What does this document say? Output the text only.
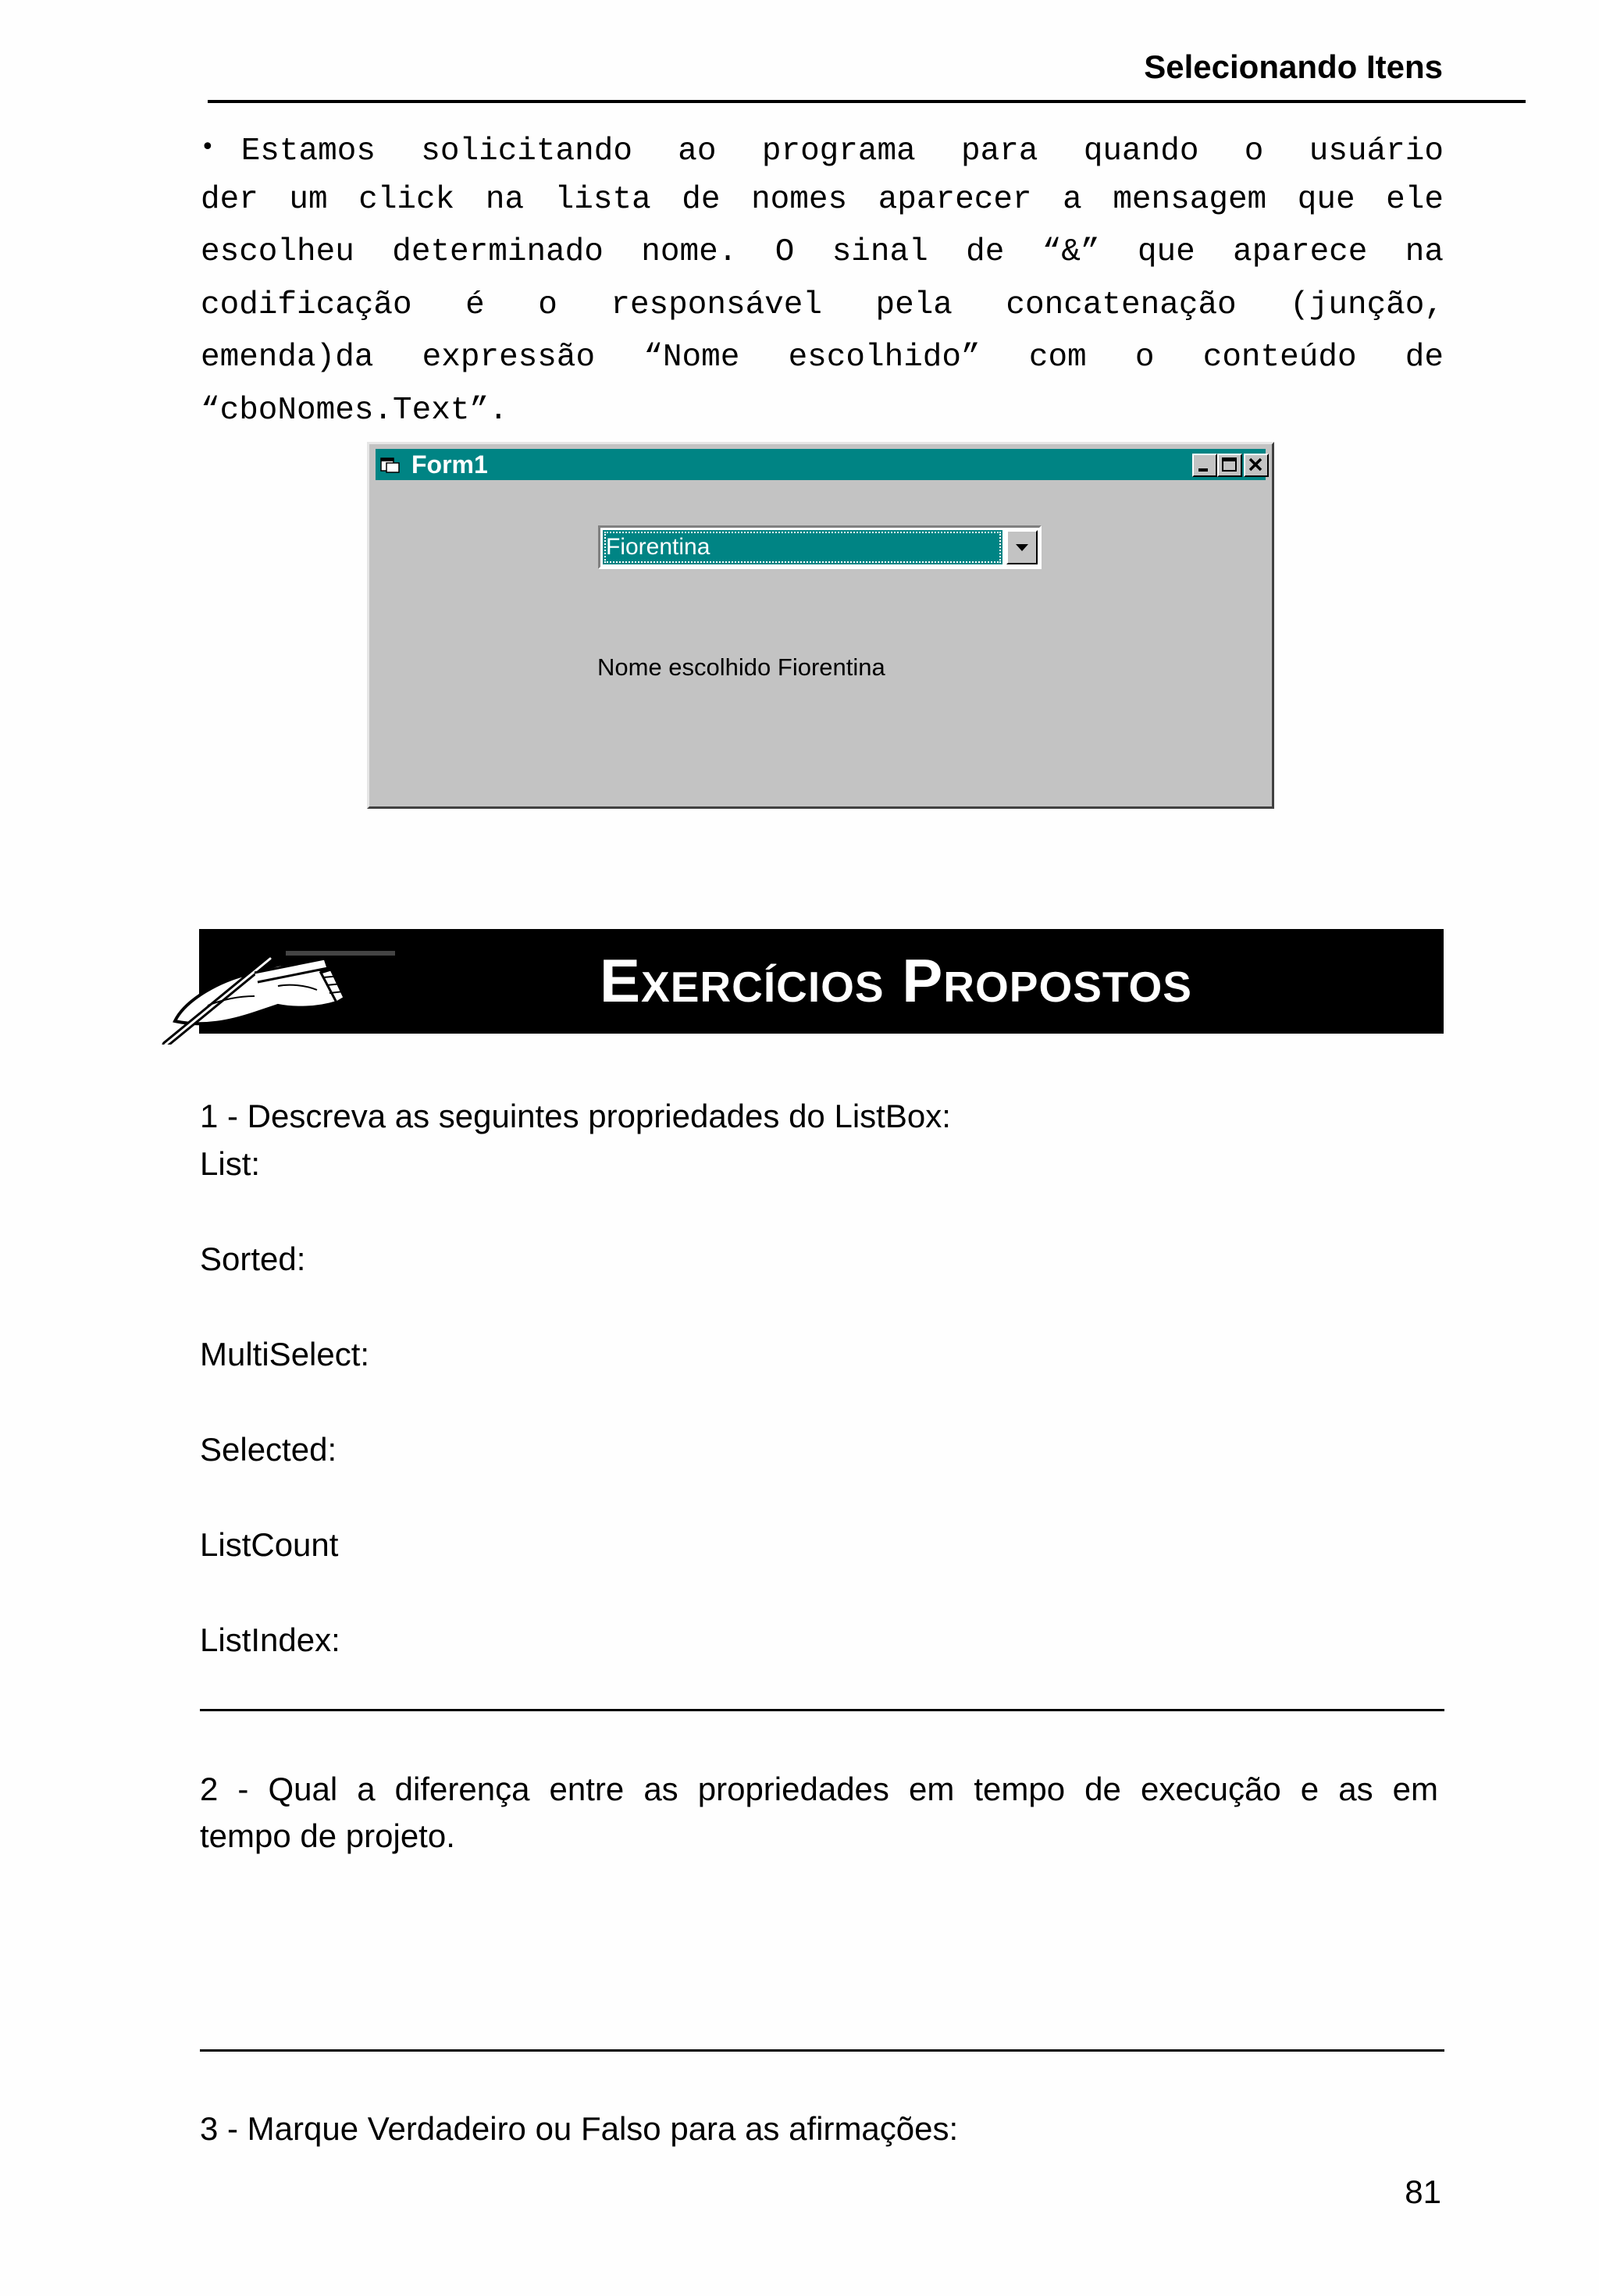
Selecionando Itens
• Estamos solicitando ao programa para quando o usuário
der um click na lista de nomes aparecer a mensagem que ele
escolheu determinado nome. O sinal de “&” que aparece na
codificação é o responsável pela concatenação (junção,
emenda)da expressão “Nome escolhido” com o conteúdo de
“cboNomes.Text”.
Form1
Fiorentina
Nome escolhido Fiorentina
Exercícios Propostos
1 - Descreva as seguintes propriedades do ListBox:
List:
Sorted:
MultiSelect:
Selected:
ListCount
ListIndex:
2 - Qual a diferença entre as propriedades em tempo de execução e as em
tempo de projeto.
3 - Marque Verdadeiro ou Falso para as afirmações:
81
